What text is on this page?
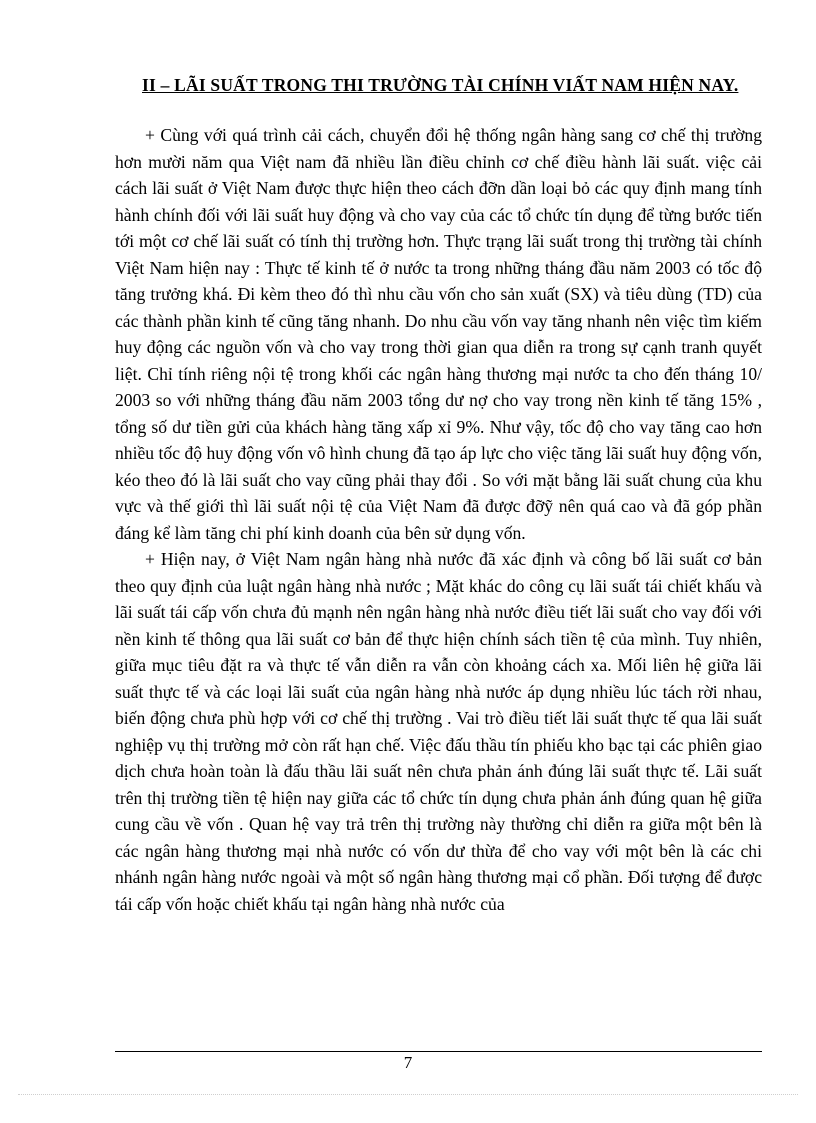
II – LÃI SUẤT TRONG THI TRƯỜNG TÀI CHÍNH VIẤT NAM HIỆN NAY.

+ Cùng với quá trình cải cách, chuyển đổi hệ thống ngân hàng sang cơ chế thị trường hơn mười năm qua Việt nam đã nhiều lần điều chỉnh cơ chế điều hành lãi suất. việc cải cách lãi suất ở Việt Nam được thực hiện theo cách đỡn dần loại bỏ các quy định mang tính hành chính đối với lãi suất huy động và cho vay của các tổ chức tín dụng để từng bước tiến tới một cơ chế lãi suất có tính thị trường hơn. Thực trạng lãi suất trong thị trường tài chính Việt Nam hiện nay : Thực tế kinh tế ở nước ta trong những tháng đầu năm 2003 có tốc độ tăng trưởng khá. Đi kèm theo đó thì nhu cầu vốn cho sản xuất (SX) và tiêu dùng (TD) của các thành phần kinh tế cũng tăng nhanh. Do nhu cầu vốn vay tăng nhanh nên việc tìm kiếm huy động các nguồn vốn và cho vay trong thời gian qua diễn ra trong sự cạnh tranh quyết liệt. Chỉ tính riêng nội tệ trong khối các ngân hàng thương mại nước ta cho đến tháng 10/ 2003 so với những tháng đầu năm 2003 tổng dư nợ cho vay trong nền kinh tế tăng 15% , tổng số dư tiền gửi của khách hàng tăng xấp xỉ 9%. Như vậy, tốc độ cho vay tăng cao hơn nhiều tốc độ huy động vốn vô hình chung đã tạo áp lực cho việc tăng lãi suất huy động vốn, kéo theo đó là lãi suất cho vay cũng phải thay đổi . So với mặt bằng lãi suất chung của khu vực và thế giới thì lãi suất nội tệ của Việt Nam đã được đỡỹ nên quá cao và đã góp phần đáng kể làm tăng chi phí kinh doanh của bên sử dụng vốn.

+ Hiện nay, ở Việt Nam ngân hàng nhà nước đã xác định và công bố lãi suất cơ bản theo quy định của luật ngân hàng nhà nước ; Mặt khác do công cụ lãi suất tái chiết khấu và lãi suất tái cấp vốn chưa đủ mạnh nên ngân hàng nhà nước điều tiết lãi suất cho vay đối với nền kinh tế thông qua lãi suất cơ bản để thực hiện chính sách tiền tệ của mình. Tuy nhiên, giữa mục tiêu đặt ra và thực tế vẫn diễn ra vẫn còn khoảng cách xa. Mối liên hệ giữa lãi suất thực tế và các loại lãi suất của ngân hàng nhà nước áp dụng nhiều lúc tách rời nhau, biến động chưa phù hợp với cơ chế thị trường . Vai trò điều tiết lãi suất thực tế qua lãi suất nghiệp vụ thị trường mở còn rất hạn chế. Việc đấu thầu tín phiếu kho bạc tại các phiên giao dịch chưa hoàn toàn là đấu thầu lãi suất nên chưa phản ánh đúng lãi suất thực tế. Lãi suất trên thị trường tiền tệ hiện nay giữa các tổ chức tín dụng chưa phản ánh đúng quan hệ giữa cung cầu về vốn . Quan hệ vay trả trên thị trường này thường chỉ diễn ra giữa một bên là các ngân hàng thương mại nhà nước có vốn dư thừa để cho vay với một bên là các chi nhánh ngân hàng nước ngoài và một số ngân hàng thương mại cổ phần. Đối tượng để được tái cấp vốn hoặc chiết khấu tại ngân hàng nhà nước của

7
